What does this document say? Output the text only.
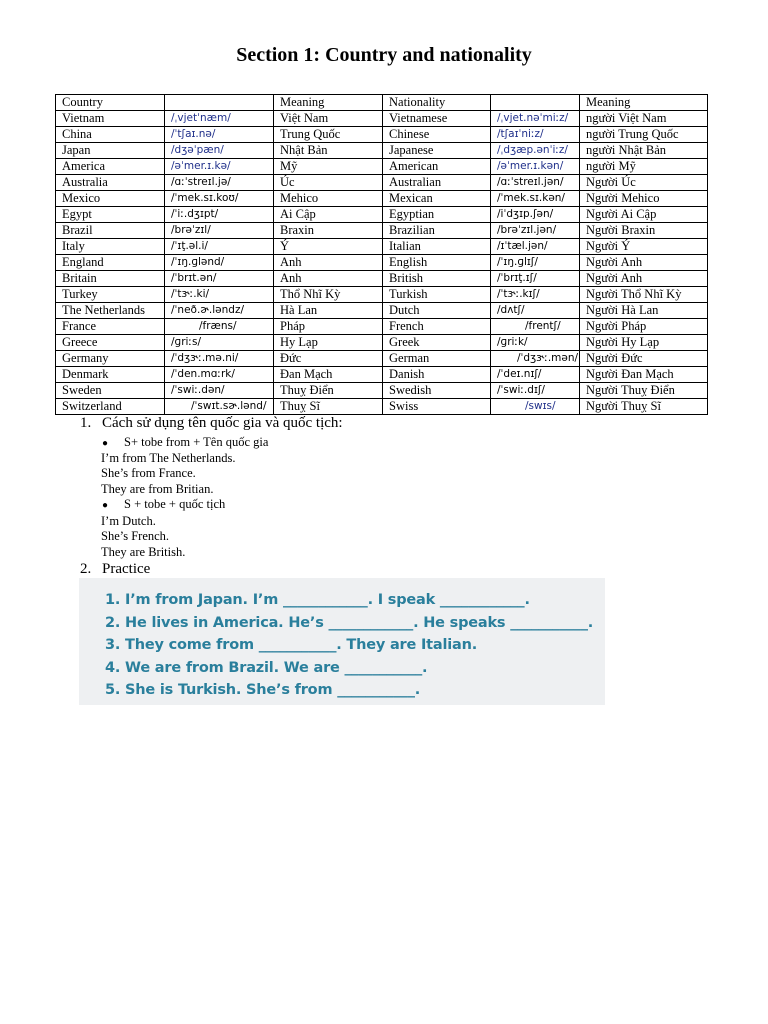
Section 1: Country and nationality
Country		Meaning	Nationality		Meaning
Vietnam	/ˌvjetˈnæm/	Việt Nam	Vietnamese	/ˌvjet.nəˈmiːz/	người Việt Nam
China	/ˈtʃaɪ.nə/	Trung Quốc	Chinese	/tʃaɪˈniːz/	người Trung Quốc
Japan	/dʒəˈpæn/	Nhật Bản	Japanese	/ˌdʒæp.ənˈiːz/	người Nhật Bản
America	/əˈmer.ɪ.kə/	Mỹ	American	/əˈmer.ɪ.kən/	người Mỹ
Australia	/ɑːˈstreɪl.jə/	Úc	Australian	/ɑːˈstreɪl.jən/	Người Úc
Mexico	/ˈmek.sɪ.koʊ/	Mehico	Mexican	/ˈmek.sɪ.kən/	Người Mehico
Egypt	/ˈiː.dʒɪpt/	Ai Cập	Egyptian	/iˈdʒɪp.ʃən/	Người Ai Cập
Brazil	/brəˈzɪl/	Braxin	Brazilian	/brəˈzɪl.jən/	Người Braxin
Italy	/ˈɪţ.əl.i/	Ý	Italian	/ɪˈtæl.jən/	Người Ý
England	/ˈɪŋ.ɡlənd/	Anh	English	/ˈɪŋ.ɡlɪʃ/	Người Anh
Britain	/ˈbrɪt.ən/	Anh	British	/ˈbrɪţ.ɪʃ/	Người Anh
Turkey	/ˈtɝː.ki/	Thổ Nhĩ Kỳ	Turkish	/ˈtɝː.kɪʃ/	Người Thổ Nhĩ Kỳ
The Netherlands	/ˈneð.ɚ.ləndz/	Hà Lan	Dutch	/dʌtʃ/	Người Hà Lan
France	/fræns/	Pháp	French	/frentʃ/	Người Pháp
Greece	/ɡriːs/	Hy Lạp	Greek	/ɡriːk/	Người Hy Lạp
Germany	/ˈdʒɝː.mə.ni/	Đức	German	/ˈdʒɝː.mən/	Người Đức
Denmark	/ˈden.mɑːrk/	Đan Mạch	Danish	/ˈdeɪ.nɪʃ/	Người Đan Mạch
Sweden	/ˈswiː.dən/	Thuỵ Điển	Swedish	/ˈswiː.dɪʃ/	Người Thuỵ Điển
Switzerland	/ˈswɪt.sɚ.lənd/	Thuỵ Sĩ	Swiss	/swɪs/	Người Thuỵ Sĩ
1. Cách sử dụng tên quốc gia và quốc tịch:
● S+ tobe from + Tên quốc gia
I’m from The Netherlands.
She’s from France.
They are from Britian.
● S + tobe + quốc tịch
I’m Dutch.
She’s French.
They are British.
2. Practice
1. I’m from Japan. I’m ____________. I speak ____________.
2. He lives in America. He’s ____________. He speaks ___________.
3. They come from ___________. They are Italian.
4. We are from Brazil. We are ___________.
5. She is Turkish. She’s from ___________.
